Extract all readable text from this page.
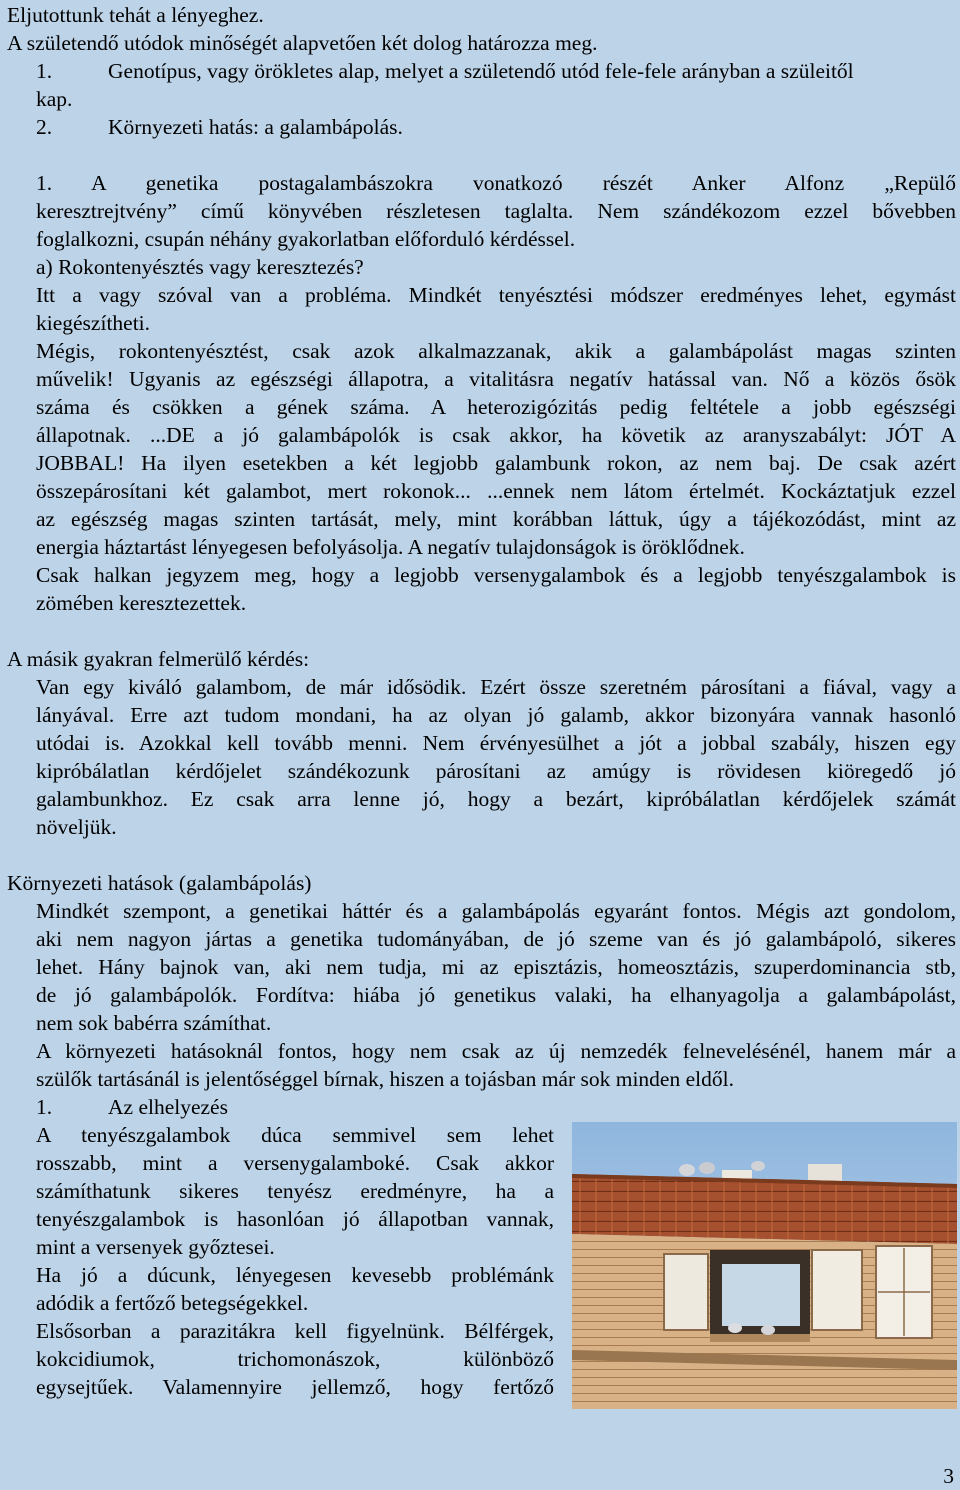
Eljutottunk tehát a lényeghez.
A születendő utódok minőségét alapvetően két dolog határozza meg.
1.	Genotípus, vagy örökletes alap, melyet a születendő utód fele-fele arányban a szüleitől
kap.
2.	Környezeti hatás: a galambápolás.
1. A genetika postagalambászokra vonatkozó részét Anker Alfonz „Repülő
keresztrejtvény” című könyvében részletesen taglalta. Nem szándékozom ezzel bővebben
foglalkozni, csupán néhány gyakorlatban előforduló kérdéssel.
a) Rokontenyésztés vagy keresztezés?
Itt a vagy szóval van a probléma. Mindkét tenyésztési módszer eredményes lehet, egymást
kiegészítheti.
Mégis, rokontenyésztést, csak azok alkalmazzanak, akik a galambápolást magas szinten
művelik! Ugyanis az egészségi állapotra, a vitalitásra negatív hatással van. Nő a közös ősök
száma és csökken a gének száma. A heterozigózitás pedig feltétele a jobb egészségi
állapotnak. ...DE a jó galambápolók is csak akkor, ha követik az aranyszabályt: JÓT A
JOBBAL! Ha ilyen esetekben a két legjobb galambunk rokon, az nem baj. De csak azért
összepárosítani két galambot, mert rokonok... ...ennek nem látom értelmét. Kockáztatjuk ezzel
az egészség magas szinten tartását, mely, mint korábban láttuk, úgy a tájékozódást, mint az
energia háztartást lényegesen befolyásolja. A negatív tulajdonságok is öröklődnek.
Csak halkan jegyzem meg, hogy a legjobb versenygalambok és a legjobb tenyészgalambok is
zömében keresztezettek.
A másik gyakran felmerülő kérdés:
Van egy kiváló galambom, de már idősödik. Ezért össze szeretném párosítani a fiával, vagy a
lányával. Erre azt tudom mondani, ha az olyan jó galamb, akkor bizonyára vannak hasonló
utódai is. Azokkal kell tovább menni. Nem érvényesülhet a jót a jobbal szabály, hiszen egy
kipróbálatlan kérdőjelet szándékozunk párosítani az amúgy is rövidesen kiöregedő jó
galambunkhoz. Ez csak arra lenne jó, hogy a bezárt, kipróbálatlan kérdőjelek számát
növeljük.
Környezeti hatások (galambápolás)
Mindkét szempont, a genetikai háttér és a galambápolás egyaránt fontos. Mégis azt gondolom,
aki nem nagyon jártas a genetika tudományában, de jó szeme van és jó galambápoló, sikeres
lehet. Hány bajnok van, aki nem tudja, mi az episztázis, homeosztázis, szuperdominancia stb,
de jó galambápolók. Fordítva: hiába jó genetikus valaki, ha elhanyagolja a galambápolást,
nem sok babérra számíthat.
A környezeti hatásoknál fontos, hogy nem csak az új nemzedék felnevelésénél, hanem már a
szülők tartásánál is jelentőséggel bírnak, hiszen a tojásban már sok minden eldől.
1.	Az elhelyezés
A tenyészgalambok dúca semmivel sem lehet
rosszabb, mint a versenygalamboké. Csak akkor
számíthatunk sikeres tenyész eredményre, ha a
tenyészgalambok is hasonlóan jó állapotban vannak,
mint a versenyek győztesei.
Ha jó a dúcunk, lényegesen kevesebb problémánk
adódik a fertőző betegségekkel.
Elsősorban a parazitákra kell figyelnünk. Bélférgek,
kokcidiumok, trichomonászok, különböző
egysejtűek. Valamennyire jellemző, hogy fertőző
3
